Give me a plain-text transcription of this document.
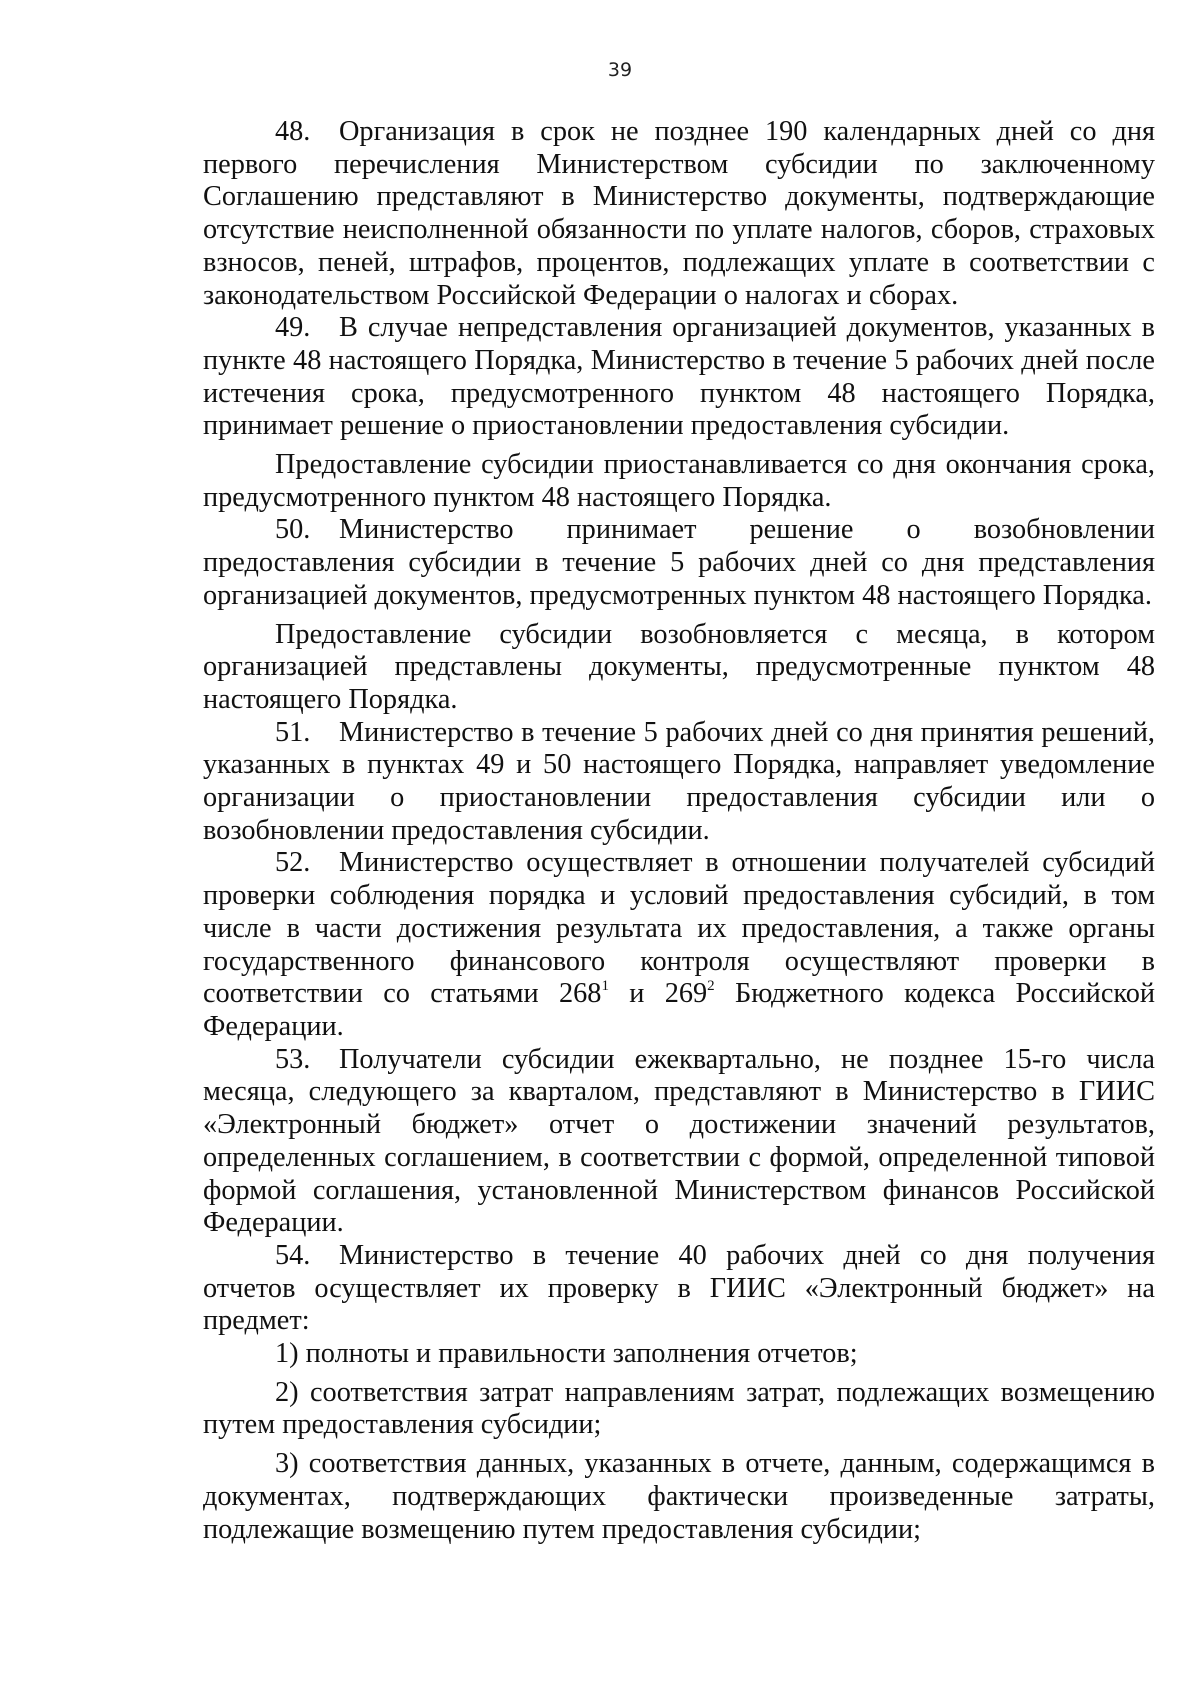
39

48. Организация в срок не позднее 190 календарных дней со дня первого перечисления Министерством субсидии по заключенному Соглашению представляют в Министерство документы, подтверждающие отсутствие неисполненной обязанности по уплате налогов, сборов, страховых взносов, пеней, штрафов, процентов, подлежащих уплате в соответствии с законодательством Российской Федерации о налогах и сборах.

49. В случае непредставления организацией документов, указанных в пункте 48 настоящего Порядка, Министерство в течение 5 рабочих дней после истечения срока, предусмотренного пунктом 48 настоящего Порядка, принимает решение о приостановлении предоставления субсидии.

Предоставление субсидии приостанавливается со дня окончания срока, предусмотренного пунктом 48 настоящего Порядка.

50. Министерство принимает решение о возобновлении предоставления субсидии в течение 5 рабочих дней со дня представления организацией документов, предусмотренных пунктом 48 настоящего Порядка.

Предоставление субсидии возобновляется с месяца, в котором организацией представлены документы, предусмотренные пунктом 48 настоящего Порядка.

51. Министерство в течение 5 рабочих дней со дня принятия решений, указанных в пунктах 49 и 50 настоящего Порядка, направляет уведомление организации о приостановлении предоставления субсидии или о возобновлении предоставления субсидии.

52. Министерство осуществляет в отношении получателей субсидий проверки соблюдения порядка и условий предоставления субсидий, в том числе в части достижения результата их предоставления, а также органы государственного финансового контроля осуществляют проверки в соответствии со статьями $268^1$ и $269^2$ Бюджетного кодекса Российской Федерации.

53. Получатели субсидии ежеквартально, не позднее 15-го числа месяца, следующего за кварталом, представляют в Министерство в ГИИС «Электронный бюджет» отчет о достижении значений результатов, определенных соглашением, в соответствии с формой, определенной типовой формой соглашения, установленной Министерством финансов Российской Федерации.

54. Министерство в течение 40 рабочих дней со дня получения отчетов осуществляет их проверку в ГИИС «Электронный бюджет» на предмет:

1) полноты и правильности заполнения отчетов;

2) соответствия затрат направлениям затрат, подлежащих возмещению путем предоставления субсидии;

3) соответствия данных, указанных в отчете, данным, содержащимся в документах, подтверждающих фактически произведенные затраты, подлежащие возмещению путем предоставления субсидии;
